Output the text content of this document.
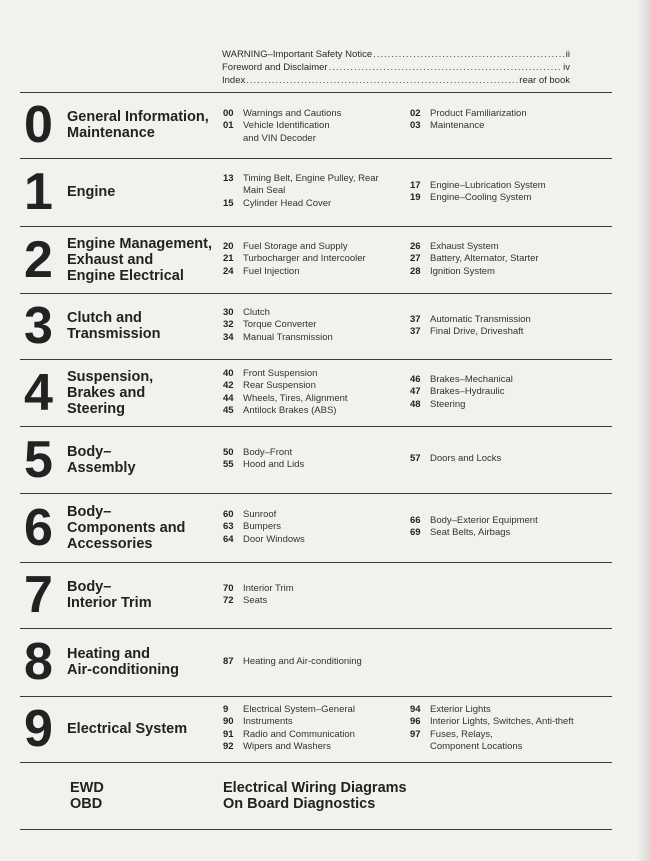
WARNING–Important Safety Notice .....	ii
Foreword and Disclaimer .....	iv
Index .....	rear of book
0 General Information,
Maintenance
00 Warnings and Cautions
01 Vehicle Identification
and VIN Decoder
02 Product Familiarization
03 Maintenance
1 Engine
13 Timing Belt, Engine Pulley, Rear
Main Seal
15 Cylinder Head Cover
17 Engine–Lubrication System
19 Engine–Cooling System
2 Engine Management,
Exhaust and
Engine Electrical
20 Fuel Storage and Supply
21 Turbocharger and Intercooler
24 Fuel Injection
26 Exhaust System
27 Battery, Alternator, Starter
28 Ignition System
3 Clutch and
Transmission
30 Clutch
32 Torque Converter
34 Manual Transmission
37 Automatic Transmission
37 Final Drive, Driveshaft
4 Suspension,
Brakes and
Steering
40 Front Suspension
42 Rear Suspension
44 Wheels, Tires, Alignment
45 Antilock Brakes (ABS)
46 Brakes–Mechanical
47 Brakes–Hydraulic
48 Steering
5 Body–
Assembly
50 Body–Front
55 Hood and Lids
57 Doors and Locks
6 Body–
Components and
Accessories
60 Sunroof
63 Bumpers
64 Door Windows
66 Body–Exterior Equipment
69 Seat Belts, Airbags
7 Body–
Interior Trim
70 Interior Trim
72 Seats
8 Heating and
Air-conditioning
87 Heating and Air-conditioning
9 Electrical System
9	Electrical System–General
90 Instruments
91 Radio and Communication
92 Wipers and Washers
94 Exterior Lights
96 Interior Lights, Switches, Anti-theft
97 Fuses, Relays,
Component Locations
EWD
OBD
Electrical Wiring Diagrams
On Board Diagnostics
